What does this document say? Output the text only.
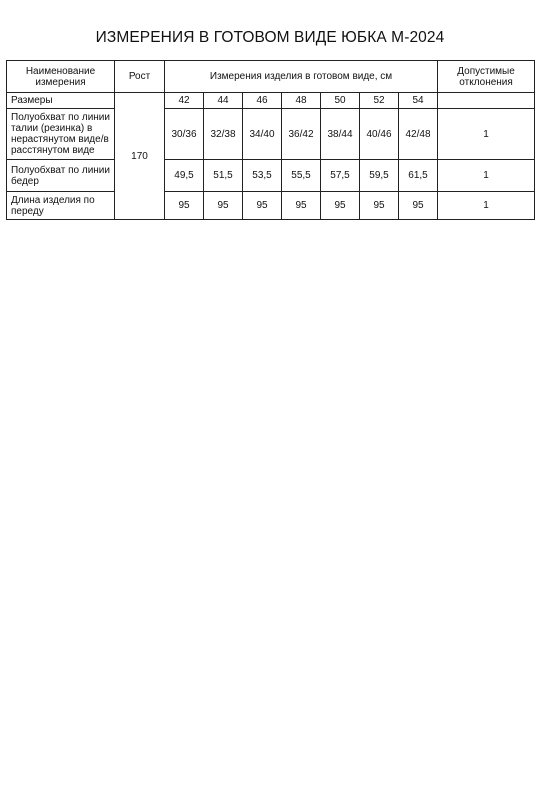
ИЗМЕРЕНИЯ В ГОТОВОМ ВИДЕ ЮБКА М-2024
Наименование измерения	Рост	Измерения изделия в готовом виде, см							Допустимые отклонения

Размеры	170	42	44	46	48	50	52	54	
Полуобхват по линии талии (резинка) в нерастянутом виде/в расстянутом виде		30/36	32/38	34/40	36/42	38/44	40/46	42/48	1
Полуобхват по линии бедер		49,5	51,5	53,5	55,5	57,5	59,5	61,5	1
Длина изделия по переду		95	95	95	95	95	95	95	1
